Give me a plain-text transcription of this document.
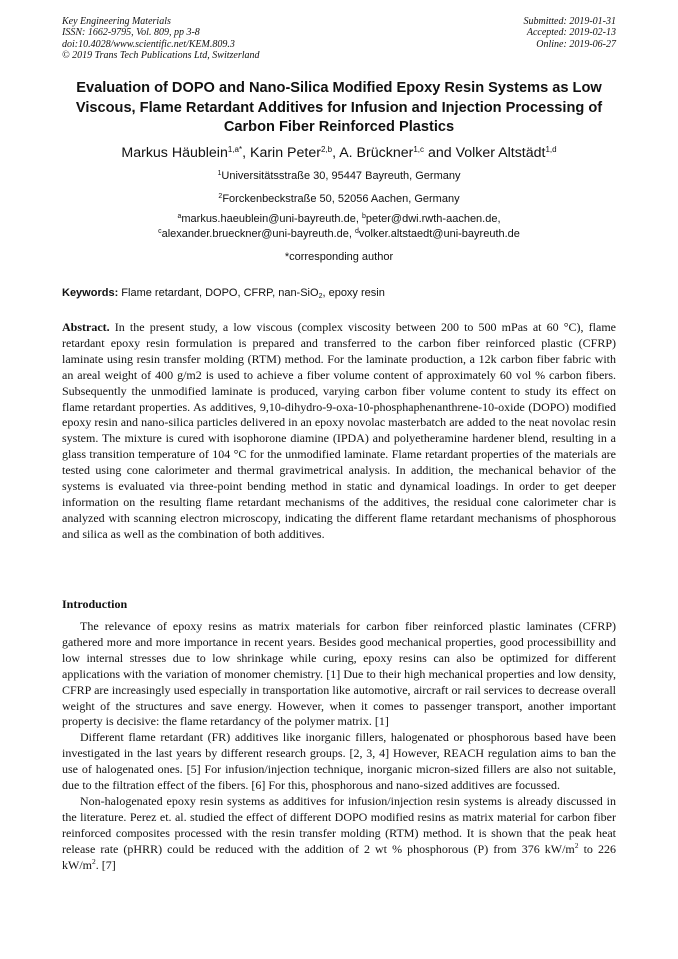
Key Engineering Materials
ISSN: 1662-9795, Vol. 809, pp 3-8
doi:10.4028/www.scientific.net/KEM.809.3
© 2019 Trans Tech Publications Ltd, Switzerland
Submitted: 2019-01-31
Accepted: 2019-02-13
Online: 2019-06-27
Evaluation of DOPO and Nano-Silica Modified Epoxy Resin Systems as Low Viscous, Flame Retardant Additives for Infusion and Injection Processing of Carbon Fiber Reinforced Plastics
Markus Häublein$^{1,a*}$, Karin Peter$^{2,b}$, A. Brückner$^{1,c}$ and Volker Altstädt$^{1,d}$
$^1$Universitätsstraße 30, 95447 Bayreuth, Germany
$^2$Forckenbeckstraße 50, 52056 Aachen, Germany
$^a$markus.haeublein@uni-bayreuth.de, $^b$peter@dwi.rwth-aachen.de,
$^c$alexander.brueckner@uni-bayreuth.de, $^d$volker.altstaedt@uni-bayreuth.de
*corresponding author
Keywords: Flame retardant, DOPO, CFRP, nan-SiO$_2$, epoxy resin
Abstract. In the present study, a low viscous (complex viscosity between 200 to 500 mPas at 60 °C), flame retardant epoxy resin formulation is prepared and transferred to the carbon fiber reinforced plastic (CFRP) laminate using resin transfer molding (RTM) method. For the laminate production, a 12k carbon fiber fabric with an areal weight of 400 g/m2 is used to achieve a fiber volume content of approximately 60 vol % carbon fibers. Subsequently the unmodified laminate is produced, varying carbon fiber volume content to study its effect on flame retardant properties. As additives, 9,10-dihydro-9-oxa-10-phosphaphenanthrene-10-oxide (DOPO) modified epoxy resin and nano-silica particles delivered in an epoxy novolac masterbatch are added to the neat novolac resin system. The mixture is cured with isophorone diamine (IPDA) and polyetheramine hardener blend, resulting in a glass transition temperature of 104 °C for the unmodified laminate. Flame retardant properties of the materials are tested using cone calorimeter and thermal gravimetrical analysis. In addition, the mechanical behavior of the systems is evaluated via three-point bending method in static and dynamical loadings. In order to get deeper information on the resulting flame retardant mechanisms of the additives, the residual cone calorimeter char is analyzed with scanning electron microscopy, indicating the different flame retardant mechanisms of phosphorous and silica as well as the combination of both additives.
Introduction

The relevance of epoxy resins as matrix materials for carbon fiber reinforced plastic laminates (CFRP) gathered more and more importance in recent years. Besides good mechanical properties, good processibillity and low internal stresses due to low shrinkage while curing, epoxy resins can also be optimized for different applications with the variation of monomer chemistry. [1] Due to their high mechanical properties and low density, CFRP are increasingly used especially in transportation like automotive, aircraft or rail services to decrease overall weight of the structures and save energy. However, when it comes to passenger transport, another important property is decisive: the flame retardancy of the polymer matrix. [1]

Different flame retardant (FR) additives like inorganic fillers, halogenated or phosphorous based have been investigated in the last years by different research groups. [2, 3, 4] However, REACH regulation aims to ban the use of halogenated ones. [5] For infusion/injection technique, inorganic micron-sized fillers are also not suitable, due to the filtration effect of the fibers. [6] For this, phosphorous and nano-sized additives are focussed.

Non-halogenated epoxy resin systems as additives for infusion/injection resin systems is already discussed in the literature. Perez et. al. studied the effect of different DOPO modified resins as matrix material for carbon fiber reinforced composites processed with the resin transfer molding (RTM) method. It is shown that the peak heat release rate (pHRR) could be reduced with the addition of 2 wt % phosphorous (P) from 376 $kW/m^2$ to 226 $kW/m^2$. [7]
